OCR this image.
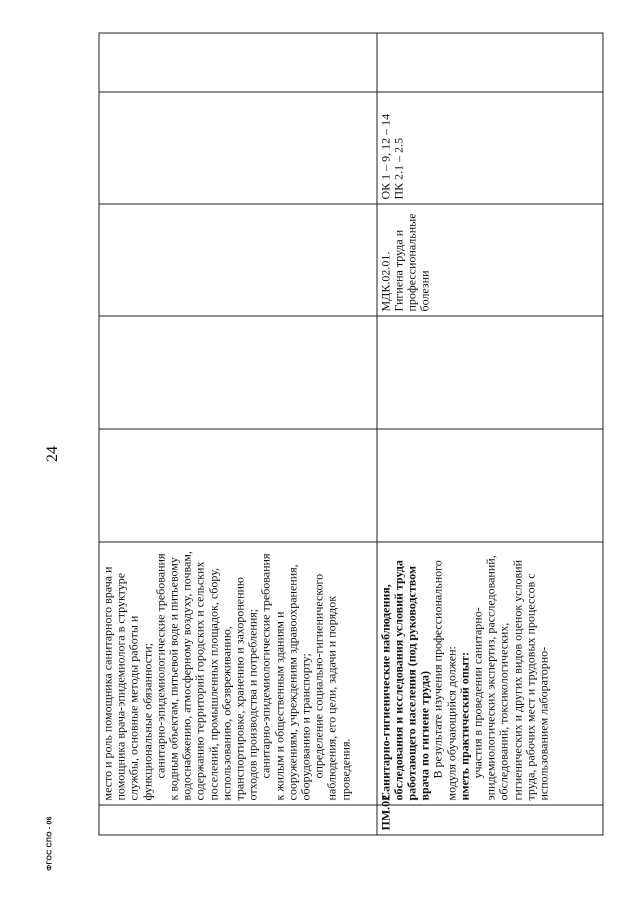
24

	место и роль помощника санитарного врача и помощника врача-эпидемиолога в структуре службы, основные методы работы и функциональные обязанности; санитарно-эпидемиологические требования к водным объектам, питьевой воде и питьевому водоснабжению, атмосферному воздуху, почвам, содержанию территорий городских и сельских поселений, промышленных площадок, сбору, использованию, обезвреживанию, транспортировке, хранению и захоронению отходов производства и потребления; санитарно-эпидемиологические требования к жилым и общественным зданиям и сооружениям, учреждениям здравоохранения, оборудованию и транспорту; определение социально-гигиенического наблюдения, его цели, задачи и порядок проведения.					

ПМ.02	Санитарно-гигиенические наблюдения, обследования и исследования условий труда работающего населения (под руководством врача по гигиене труда) В результате изучения профессионального модуля обучающийся должен: иметь практический опыт: участия в проведении санитарно-эпидемиологических экспертиз, расследований, обследований, токсикологических, гигиенических и других видов оценок условий труда, рабочих мест и трудовых процессов с использованием лабораторно-			МДК.02.01. Гигиена труда и профессиональные болезни	ОК 1 – 9, 12 – 14 ПК 2.1 – 2.5	
ФГОС СПО - 06
